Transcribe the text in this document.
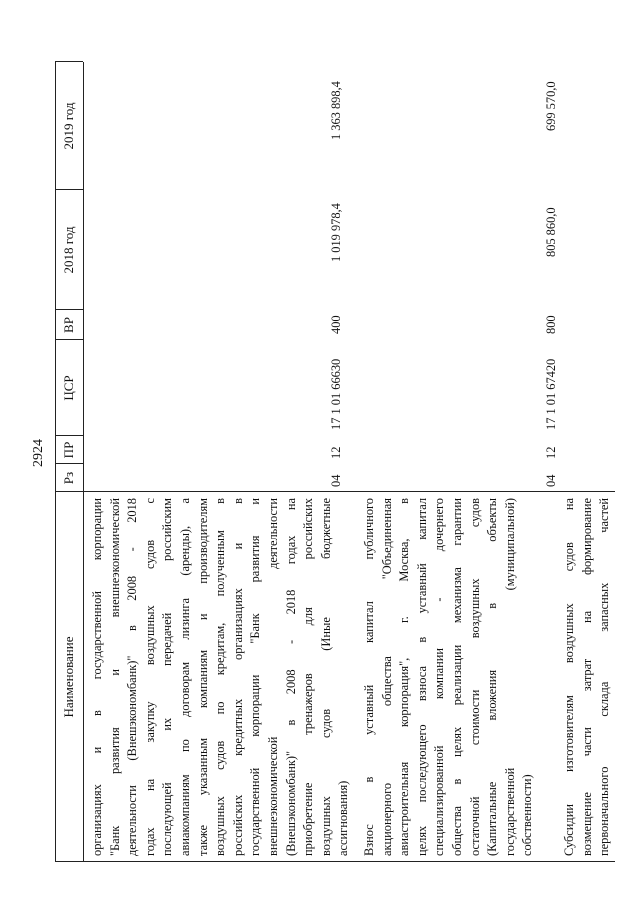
2924
Наименование
Рз
ПР
ЦСР
ВР
2018 год
2019 год
организациях и в государственной корпорации "Банк развития и внешнеэкономической деятельности (Внешэкономбанк)" в 2008 - 2018 годах на закупку воздушных судов с последующей их передачей российским авиакомпаниям по договорам лизинга (аренды), а также указанным компаниям и производителям воздушных судов по кредитам, полученным в российских кредитных организациях и в государственной корпорации "Банк развития и внешнеэкономической деятельности (Внешэкономбанк)" в 2008 - 2018 годах на приобретение тренажеров для российских воздушных судов (Иные бюджетные ассигнования)
04
12
17 1 01 66630
400
1 019 978,4
1 363 898,4
Взнос в уставный капитал публичного акционерного общества "Объединенная авиастроительная корпорация", г. Москва, в целях последующего взноса в уставный капитал специализированной компании - дочернего общества в целях реализации механизма гарантии остаточной стоимости воздушных судов (Капитальные вложения в объекты государственной (муниципальной) собственности)
04
12
17 1 01 67420
800
805 860,0
699 570,0
Субсидии изготовителям воздушных судов на возмещение части затрат на формирование первоначального склада запасных частей
